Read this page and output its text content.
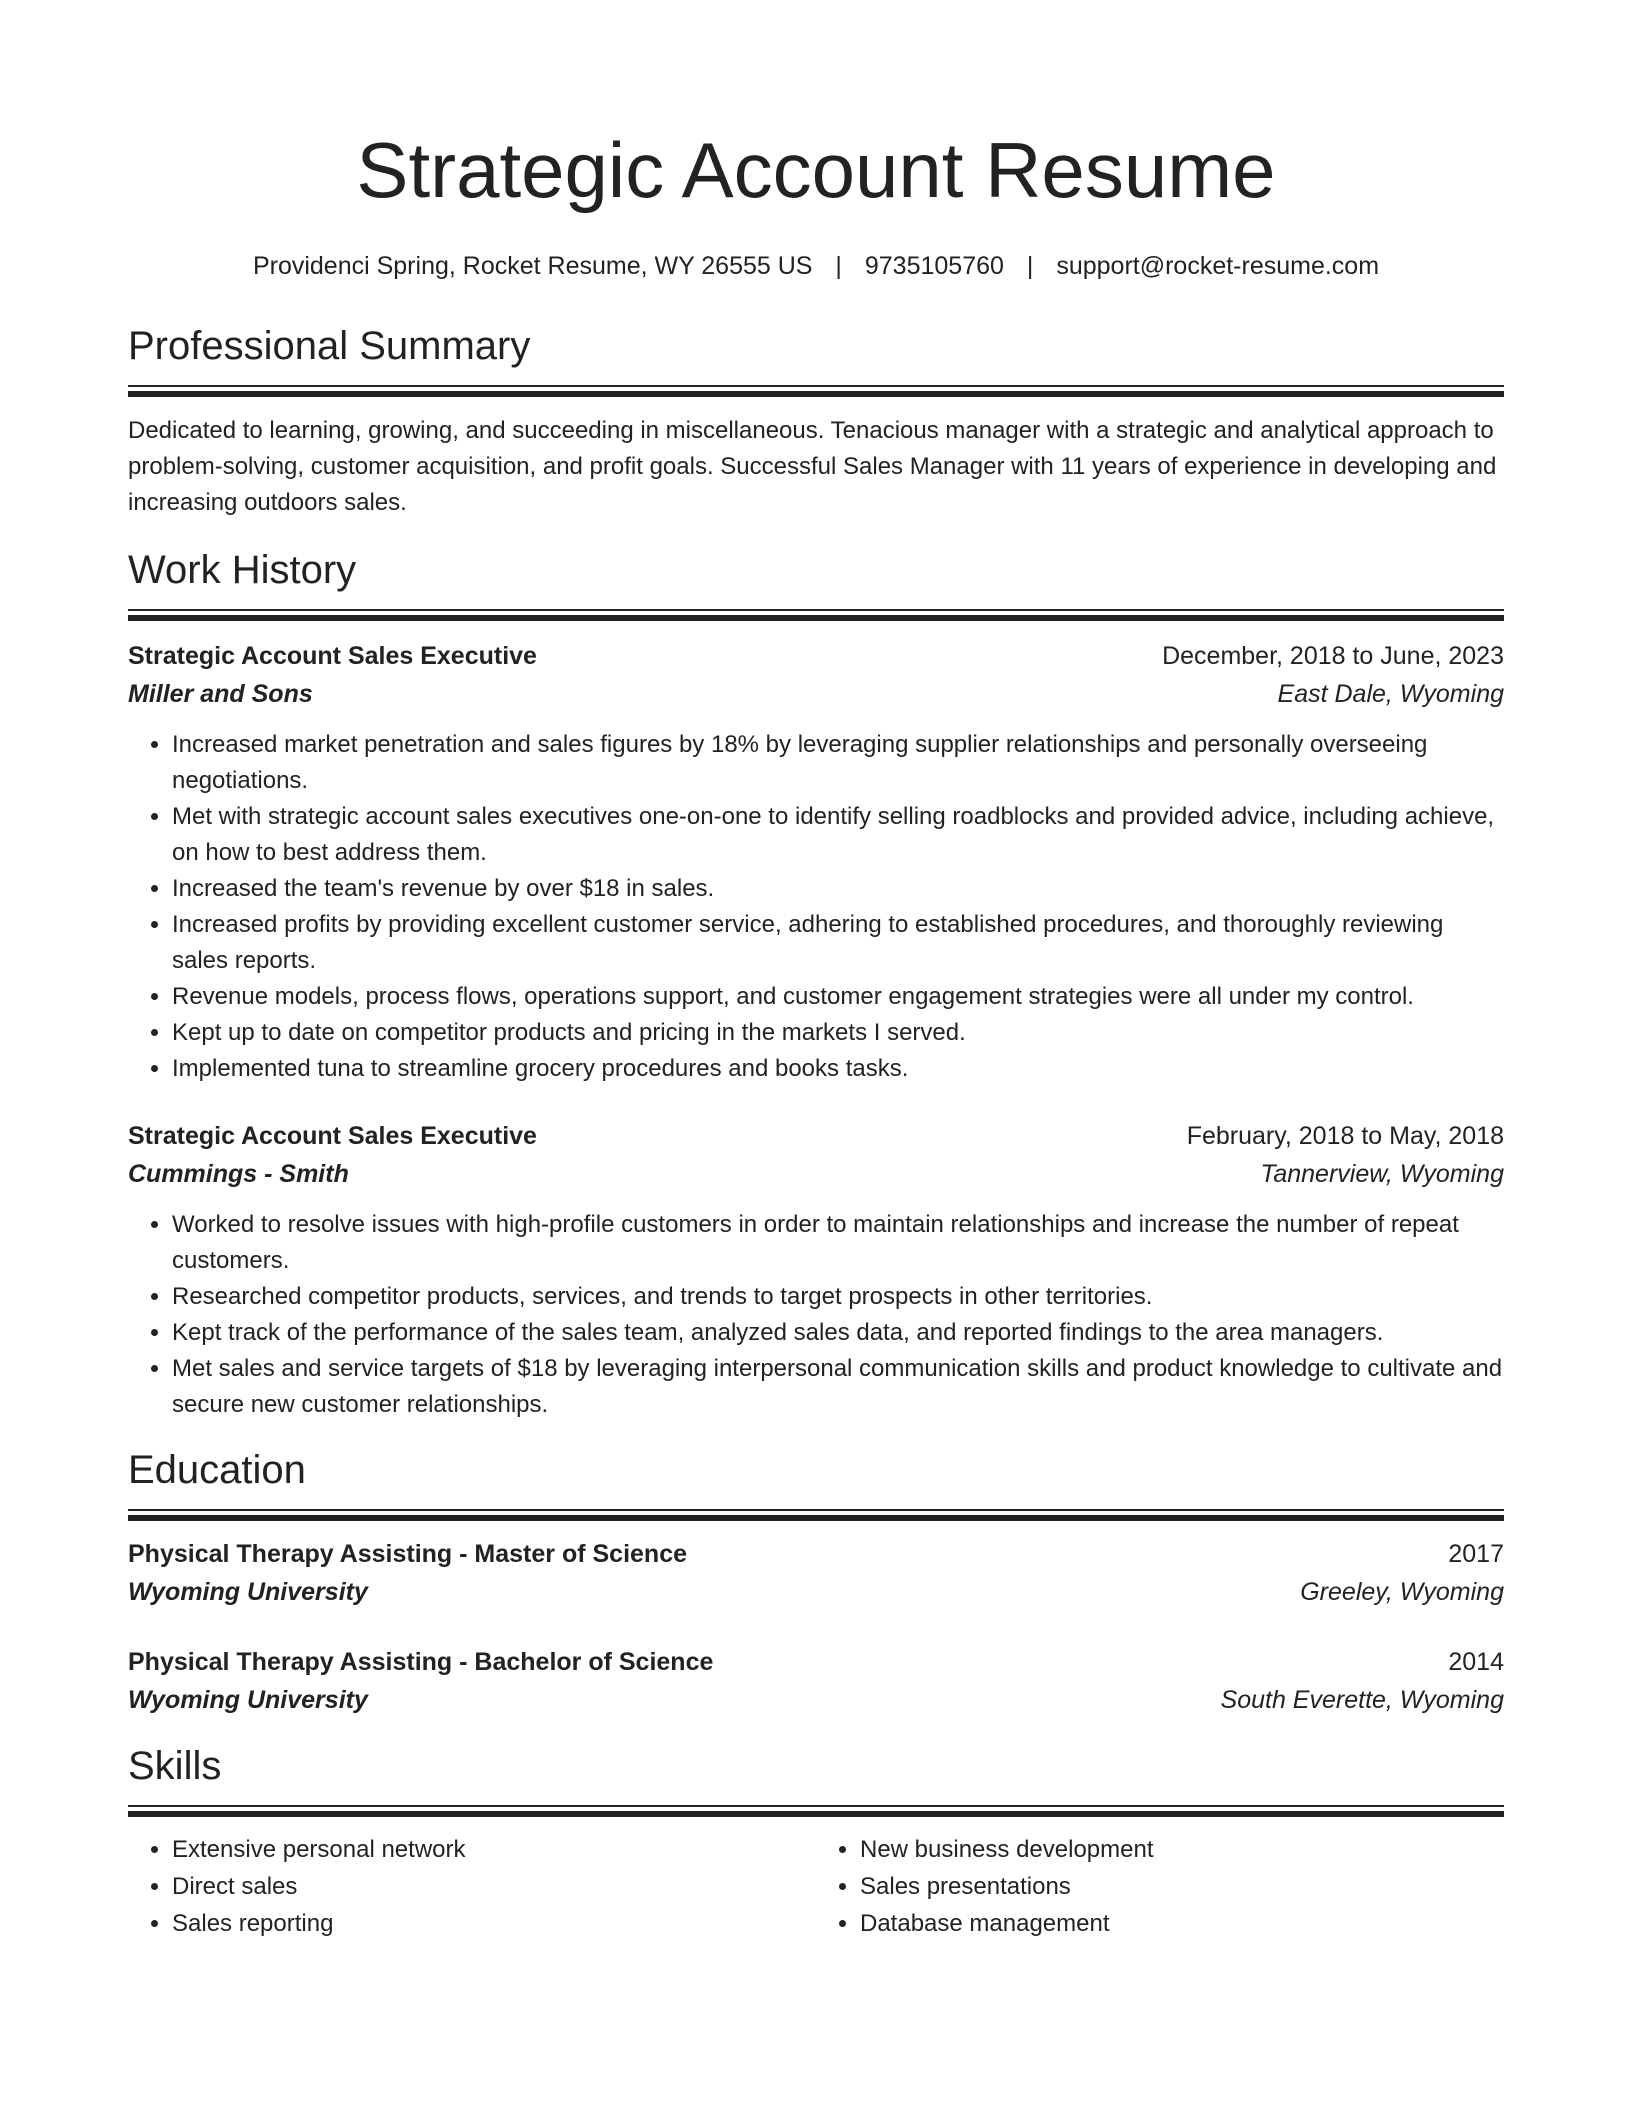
Strategic Account Resume
Providenci Spring, Rocket Resume, WY 26555 US | 9735105760 | support@rocket-resume.com
Professional Summary
Dedicated to learning, growing, and succeeding in miscellaneous. Tenacious manager with a strategic and analytical approach to problem-solving, customer acquisition, and profit goals. Successful Sales Manager with 11 years of experience in developing and increasing outdoors sales.
Work History
Strategic Account Sales Executive	December, 2018 to June, 2023
Miller and Sons	East Dale, Wyoming
• Increased market penetration and sales figures by 18% by leveraging supplier relationships and personally overseeing negotiations.
• Met with strategic account sales executives one-on-one to identify selling roadblocks and provided advice, including achieve, on how to best address them.
• Increased the team's revenue by over $18 in sales.
• Increased profits by providing excellent customer service, adhering to established procedures, and thoroughly reviewing sales reports.
• Revenue models, process flows, operations support, and customer engagement strategies were all under my control.
• Kept up to date on competitor products and pricing in the markets I served.
• Implemented tuna to streamline grocery procedures and books tasks.
Strategic Account Sales Executive	February, 2018 to May, 2018
Cummings - Smith	Tannerview, Wyoming
• Worked to resolve issues with high-profile customers in order to maintain relationships and increase the number of repeat customers.
• Researched competitor products, services, and trends to target prospects in other territories.
• Kept track of the performance of the sales team, analyzed sales data, and reported findings to the area managers.
• Met sales and service targets of $18 by leveraging interpersonal communication skills and product knowledge to cultivate and secure new customer relationships.
Education
Physical Therapy Assisting - Master of Science	2017
Wyoming University	Greeley, Wyoming
Physical Therapy Assisting - Bachelor of Science	2014
Wyoming University	South Everette, Wyoming
Skills
• Extensive personal network
• Direct sales
• Sales reporting
• New business development
• Sales presentations
• Database management
